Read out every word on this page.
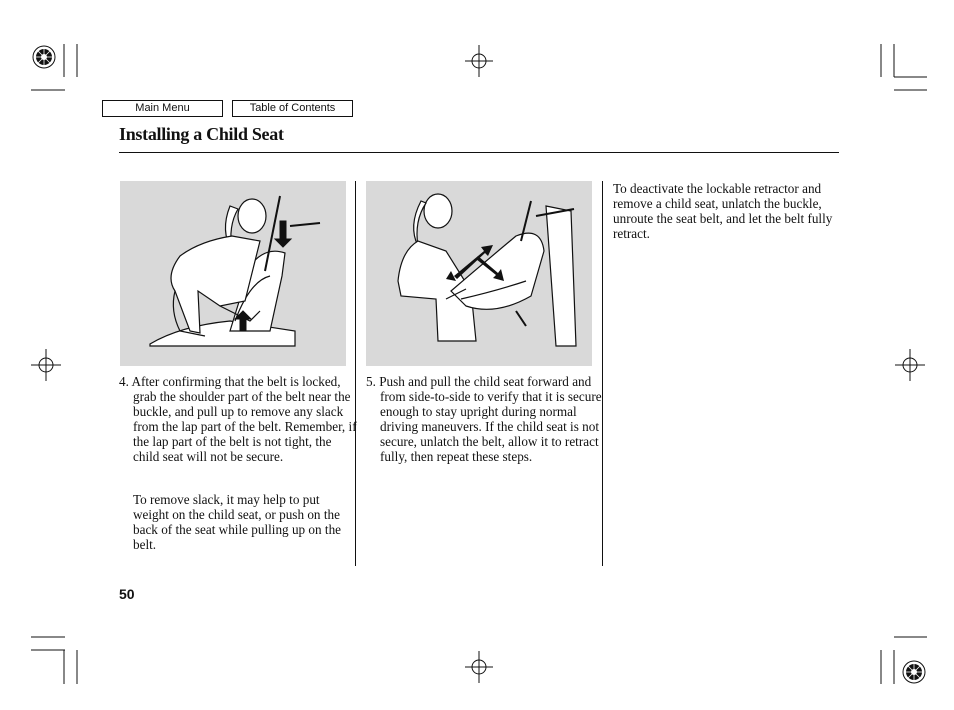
Main Menu	Table of Contents
Installing a Child Seat

4. After confirming that the belt is locked, grab the shoulder part of the belt near the buckle, and pull up to remove any slack from the lap part of the belt. Remember, if the lap part of the belt is not tight, the child seat will not be secure.

To remove slack, it may help to put weight on the child seat, or push on the back of the seat while pulling up on the belt.

5. Push and pull the child seat forward and from side-to-side to verify that it is secure enough to stay upright during normal driving maneuvers. If the child seat is not secure, unlatch the belt, allow it to retract fully, then repeat these steps.

To deactivate the lockable retractor and remove a child seat, unlatch the buckle, unroute the seat belt, and let the belt fully retract.

50
